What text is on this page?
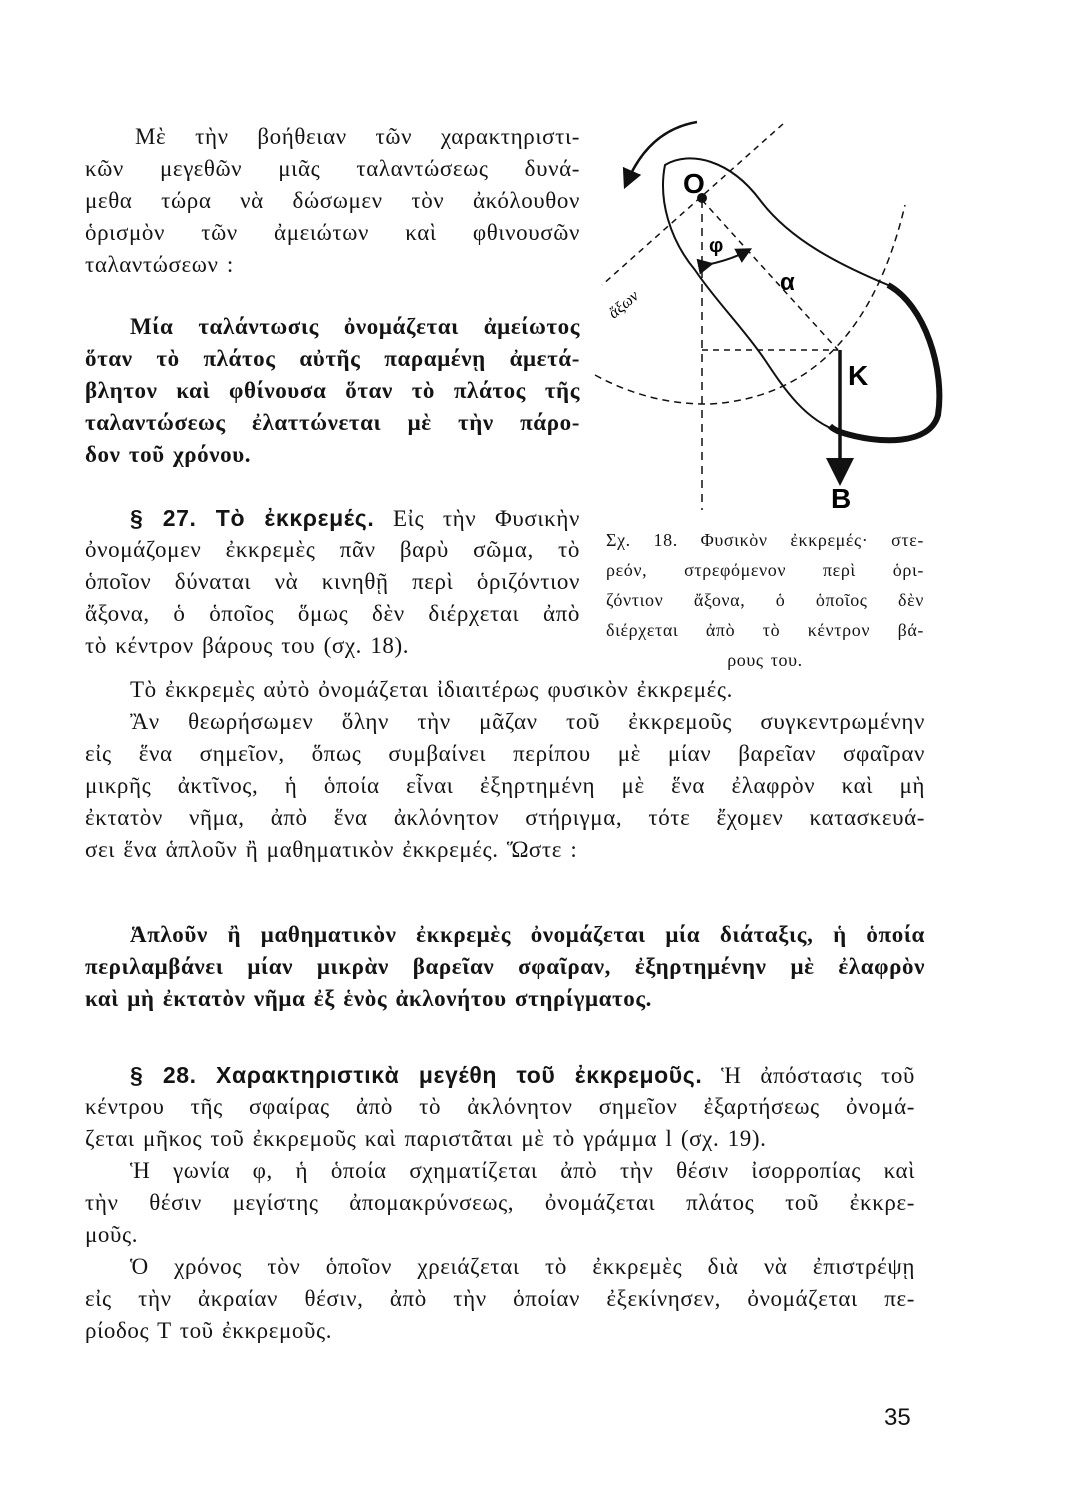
Μὲ τὴν βοήθειαν τῶν χαρακτηριστι-
κῶν μεγεθῶν μιᾶς ταλαντώσεως δυνά-
μεθα τώρα νὰ δώσωμεν τὸν ἀκόλουθον
ὁρισμὸν τῶν ἀμειώτων καὶ φθινουσῶν
ταλαντώσεων :
Μία ταλάντωσις ὀνομάζεται ἀμείωτος
ὅταν τὸ πλάτος αὐτῆς παραμένῃ ἀμετά-
βλητον καὶ φθίνουσα ὅταν τὸ πλάτος τῆς
ταλαντώσεως ἐλαττώνεται μὲ τὴν πάρο-
δον τοῦ χρόνου.
§ 27. Τὸ ἐκκρεμές. Εἰς τὴν Φυσικὴν
ὀνομάζομεν ἐκκρεμὲς πᾶν βαρὺ σῶμα, τὸ
ὁποῖον δύναται νὰ κινηθῇ περὶ ὁριζόντιον
ἄξονα, ὁ ὁποῖος ὅμως δὲν διέρχεται ἀπὸ
τὸ κέντρον βάρους του (σχ. 18).
O
φ
α
K
B
ἄξων
Σχ. 18. Φυσικὸν ἐκκρεμές· στε-
ρεόν, στρεφόμενον περὶ ὁρι-
ζόντιον ἄξονα, ὁ ὁποῖος δὲν
διέρχεται ἀπὸ τὸ κέντρον βά-
ρους του.
Τὸ ἐκκρεμὲς αὐτὸ ὀνομάζεται ἰδιαιτέρως φυσικὸν ἐκκρεμές.
Ἂν θεωρήσωμεν ὅλην τὴν μᾶζαν τοῦ ἐκκρεμοῦς συγκεντρωμένην
εἰς ἕνα σημεῖον, ὅπως συμβαίνει περίπου μὲ μίαν βαρεῖαν σφαῖραν
μικρῆς ἀκτῖνος, ἡ ὁποία εἶναι ἐξηρτημένη μὲ ἕνα ἐλαφρὸν καὶ μὴ
ἐκτατὸν νῆμα, ἀπὸ ἕνα ἀκλόνητον στήριγμα, τότε ἔχομεν κατασκευά-
σει ἕνα ἁπλοῦν ἢ μαθηματικὸν ἐκκρεμές. Ὥστε :
Ἁπλοῦν ἢ μαθηματικὸν ἐκκρεμὲς ὀνομάζεται μία διάταξις, ἡ ὁποία
περιλαμβάνει μίαν μικρὰν βαρεῖαν σφαῖραν, ἐξηρτημένην μὲ ἐλαφρὸν
καὶ μὴ ἐκτατὸν νῆμα ἐξ ἑνὸς ἀκλονήτου στηρίγματος.
§ 28. Χαρακτηριστικὰ μεγέθη τοῦ ἐκκρεμοῦς. Ἡ ἀπόστασις τοῦ
κέντρου τῆς σφαίρας ἀπὸ τὸ ἀκλόνητον σημεῖον ἐξαρτήσεως ὀνομά-
ζεται μῆκος τοῦ ἐκκρεμοῦς καὶ παριστᾶται μὲ τὸ γράμμα l (σχ. 19).
Ἡ γωνία φ, ἡ ὁποία σχηματίζεται ἀπὸ τὴν θέσιν ἰσορροπίας καὶ
τὴν θέσιν μεγίστης ἀπομακρύνσεως, ὀνομάζεται πλάτος τοῦ ἐκκρε-
μοῦς.
Ὁ χρόνος τὸν ὁποῖον χρειάζεται τὸ ἐκκρεμὲς διὰ νὰ ἐπιστρέψῃ
εἰς τὴν ἀκραίαν θέσιν, ἀπὸ τὴν ὁποίαν ἐξεκίνησεν, ὀνομάζεται πε-
ρίοδος Τ τοῦ ἐκκρεμοῦς.
35
